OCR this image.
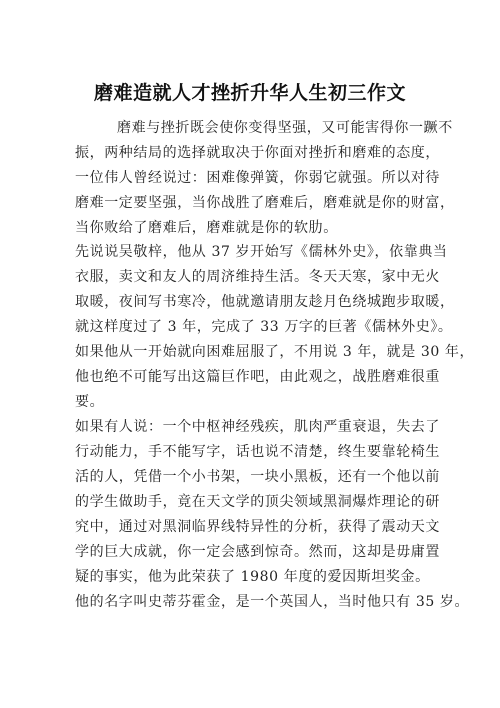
磨难造就人才挫折升华人生初三作文
磨难与挫折既会使你变得坚强，又可能害得你一蹶不
振，两种结局的选择就取决于你面对挫折和磨难的态度，
一位伟人曾经说过：困难像弹簧，你弱它就强。所以对待
磨难一定要坚强，当你战胜了磨难后，磨难就是你的财富，
当你败给了磨难后，磨难就是你的软肋。
先说说吴敬梓，他从 37 岁开始写《儒林外史》，依靠典当
衣服，卖文和友人的周济维持生活。冬天天寒，家中无火
取暖，夜间写书寒冷，他就邀请朋友趁月色绕城跑步取暖，
就这样度过了 3 年，完成了 33 万字的巨著《儒林外史》。
如果他从一开始就向困难屈服了，不用说 3 年，就是 30 年，
他也绝不可能写出这篇巨作吧，由此观之，战胜磨难很重
要。
如果有人说：一个中枢神经残疾，肌肉严重衰退，失去了
行动能力，手不能写字，话也说不清楚，终生要靠轮椅生
活的人，凭借一个小书架，一块小黑板，还有一个他以前
的学生做助手，竟在天文学的顶尖领域黑洞爆炸理论的研
究中，通过对黑洞临界线特异性的分析，获得了震动天文
学的巨大成就，你一定会感到惊奇。然而，这却是毋庸置
疑的事实，他为此荣获了 1980 年度的爱因斯坦奖金。
他的名字叫史蒂芬霍金，是一个英国人，当时他只有 35 岁。
